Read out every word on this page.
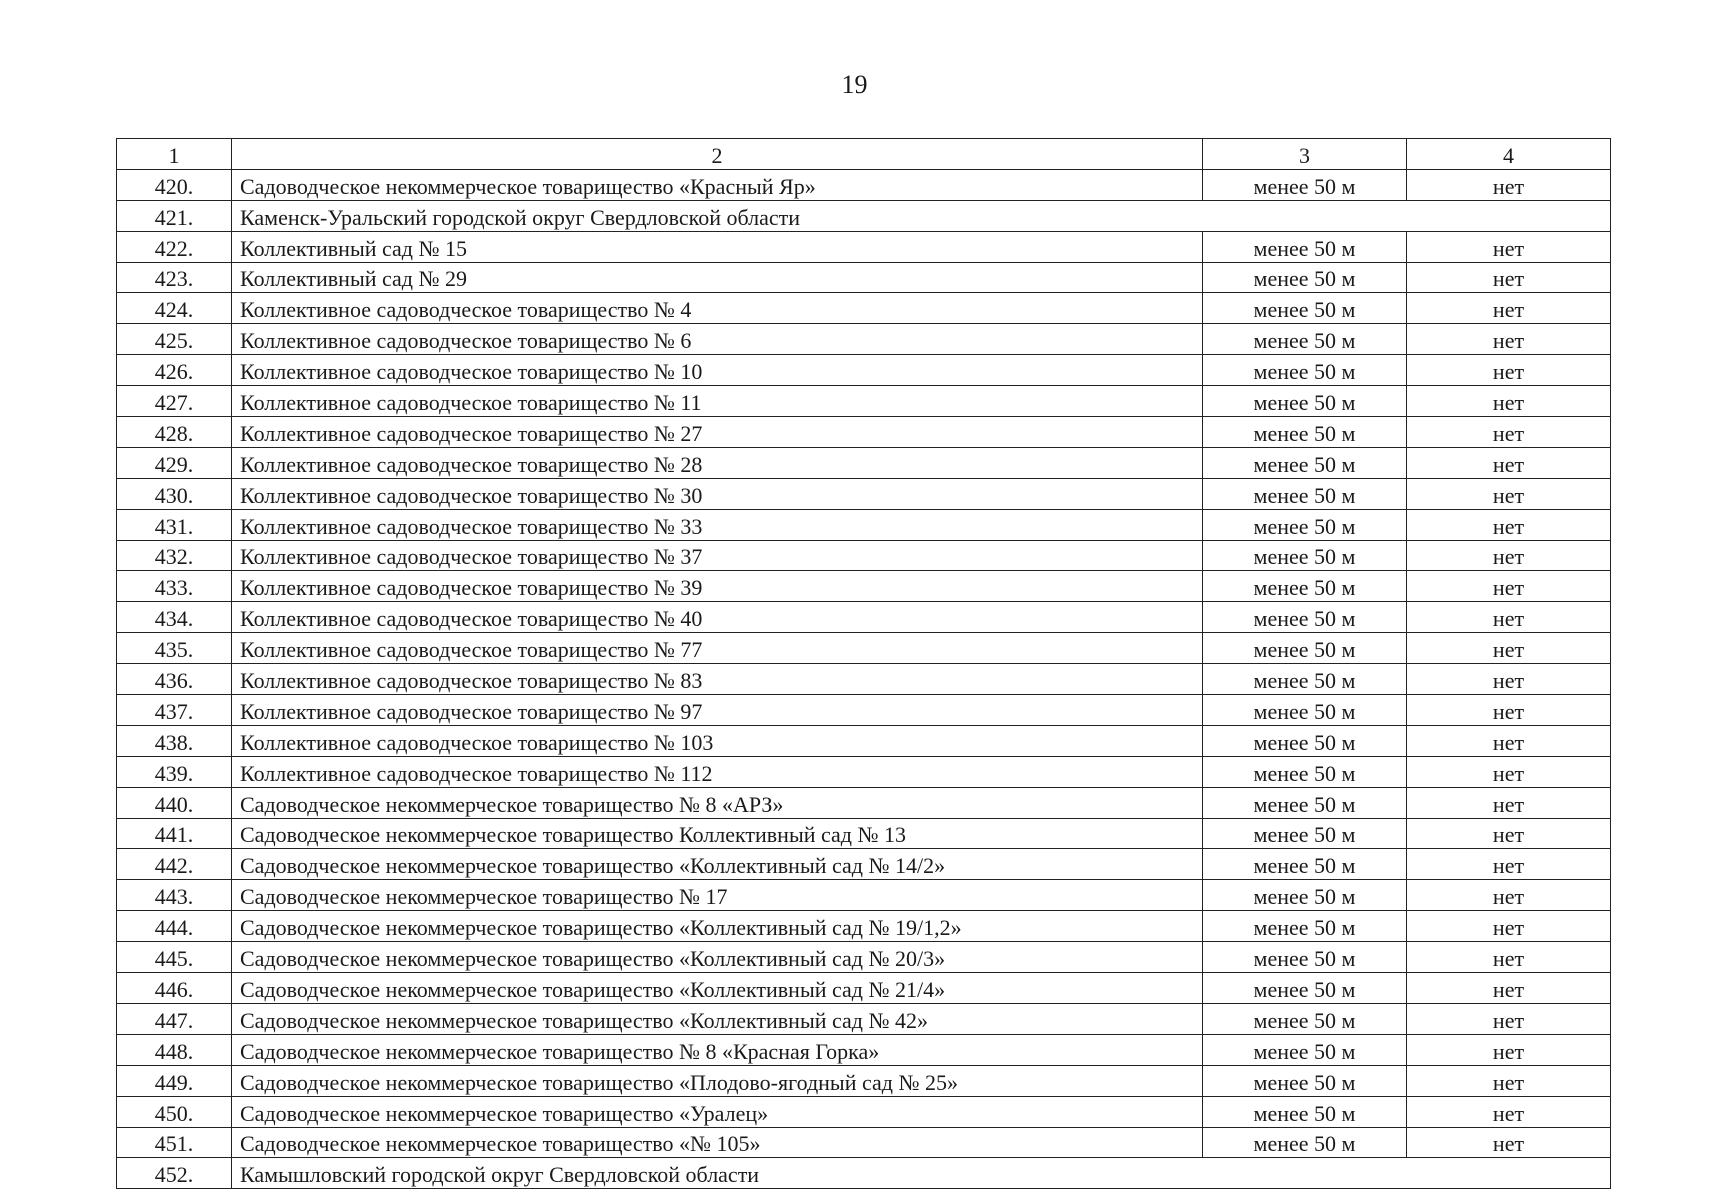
19
1	2	3	4
420.	Садоводческое некоммерческое товарищество «Красный Яр»	менее 50 м	нет
421.	Каменск-Уральский городской округ Свердловской области		
422.	Коллективный сад № 15	менее 50 м	нет
423.	Коллективный сад № 29	менее 50 м	нет
424.	Коллективное садоводческое товарищество № 4	менее 50 м	нет
425.	Коллективное садоводческое товарищество № 6	менее 50 м	нет
426.	Коллективное садоводческое товарищество № 10	менее 50 м	нет
427.	Коллективное садоводческое товарищество № 11	менее 50 м	нет
428.	Коллективное садоводческое товарищество № 27	менее 50 м	нет
429.	Коллективное садоводческое товарищество № 28	менее 50 м	нет
430.	Коллективное садоводческое товарищество № 30	менее 50 м	нет
431.	Коллективное садоводческое товарищество № 33	менее 50 м	нет
432.	Коллективное садоводческое товарищество № 37	менее 50 м	нет
433.	Коллективное садоводческое товарищество № 39	менее 50 м	нет
434.	Коллективное садоводческое товарищество № 40	менее 50 м	нет
435.	Коллективное садоводческое товарищество № 77	менее 50 м	нет
436.	Коллективное садоводческое товарищество № 83	менее 50 м	нет
437.	Коллективное садоводческое товарищество № 97	менее 50 м	нет
438.	Коллективное садоводческое товарищество № 103	менее 50 м	нет
439.	Коллективное садоводческое товарищество № 112	менее 50 м	нет
440.	Садоводческое некоммерческое товарищество № 8 «АРЗ»	менее 50 м	нет
441.	Садоводческое некоммерческое товарищество Коллективный сад № 13	менее 50 м	нет
442.	Садоводческое некоммерческое товарищество «Коллективный сад № 14/2»	менее 50 м	нет
443.	Садоводческое некоммерческое товарищество № 17	менее 50 м	нет
444.	Садоводческое некоммерческое товарищество «Коллективный сад № 19/1,2»	менее 50 м	нет
445.	Садоводческое некоммерческое товарищество «Коллективный сад № 20/3»	менее 50 м	нет
446.	Садоводческое некоммерческое товарищество «Коллективный сад № 21/4»	менее 50 м	нет
447.	Садоводческое некоммерческое товарищество «Коллективный сад № 42»	менее 50 м	нет
448.	Садоводческое некоммерческое товарищество № 8 «Красная Горка»	менее 50 м	нет
449.	Садоводческое некоммерческое товарищество «Плодово-ягодный сад № 25»	менее 50 м	нет
450.	Садоводческое некоммерческое товарищество «Уралец»	менее 50 м	нет
451.	Садоводческое некоммерческое товарищество «№ 105»	менее 50 м	нет
452.	Камышловский городской округ Свердловской области		
